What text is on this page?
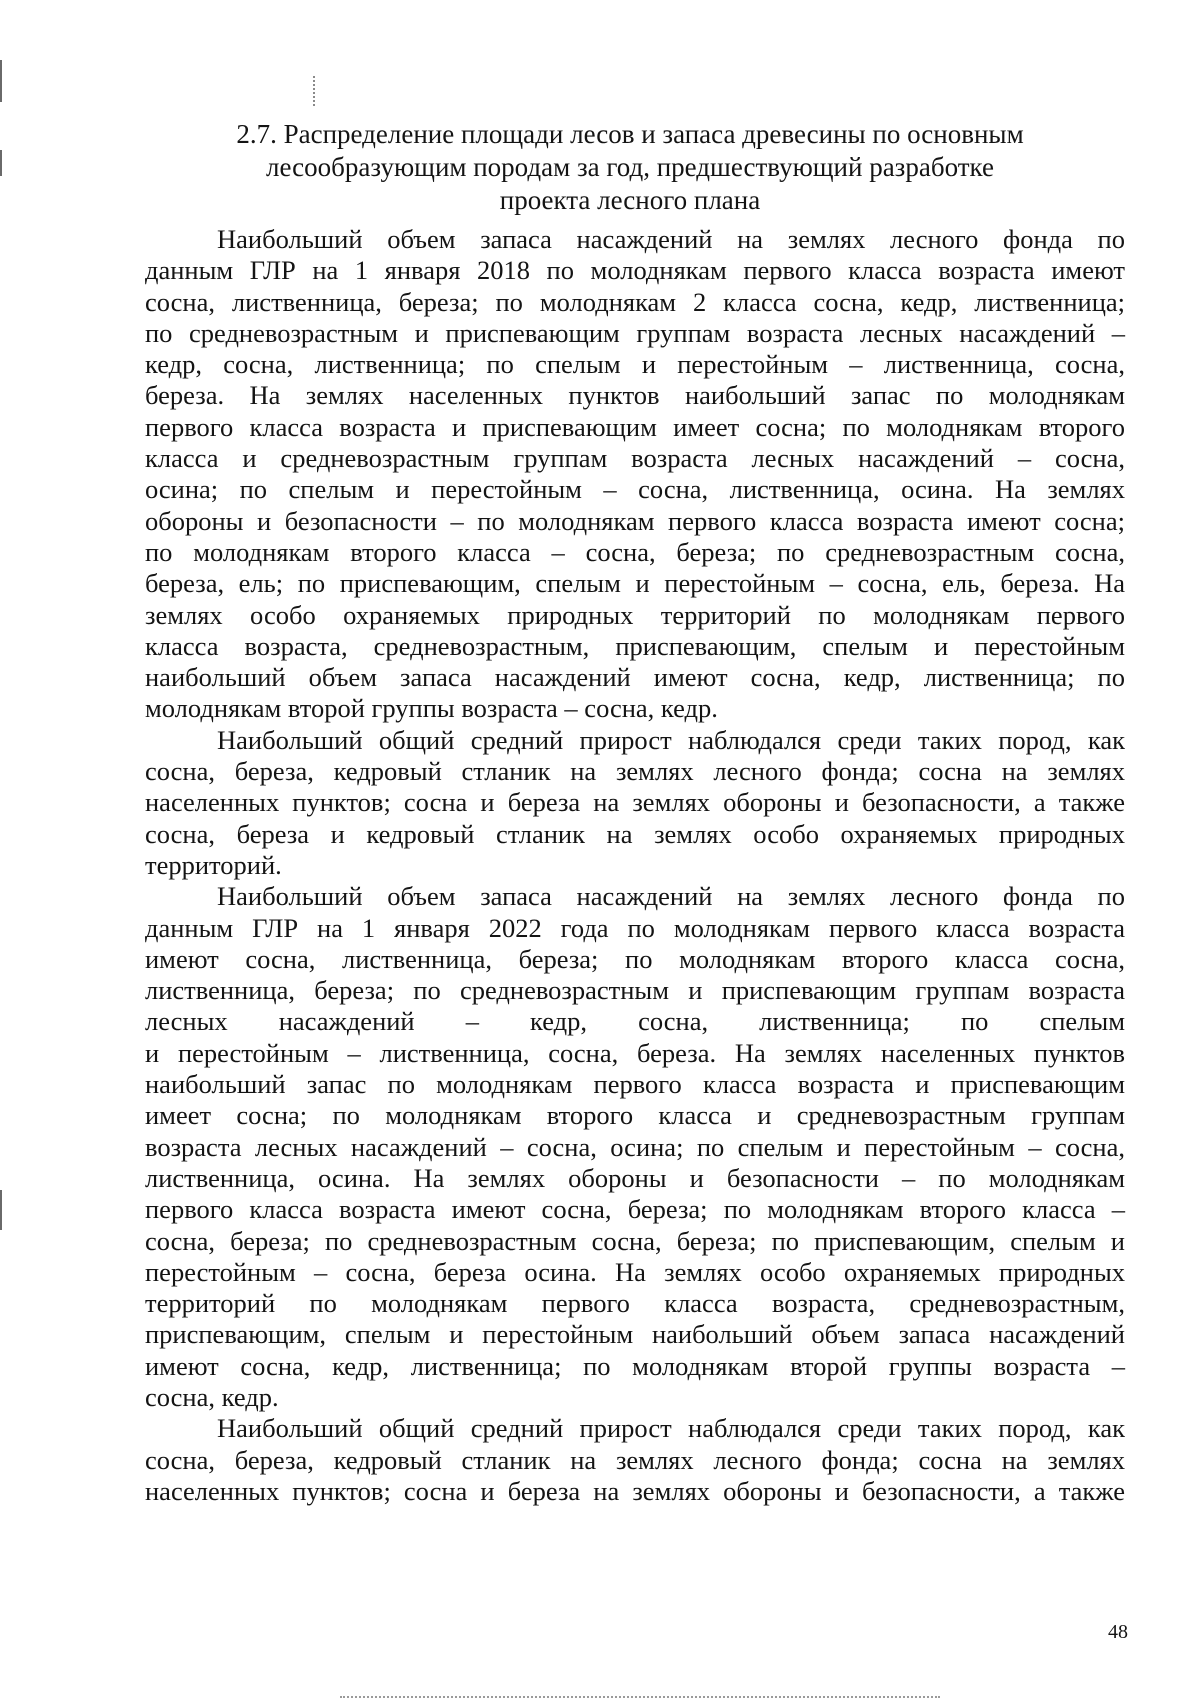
2.7. Распределение площади лесов и запаса древесины по основным
лесообразующим породам за год, предшествующий разработке
проекта лесного плана
Наибольший объем запаса насаждений на землях лесного фонда по
данным ГЛР на 1 января 2018 по молоднякам первого класса возраста имеют
сосна, лиственница, береза; по молоднякам 2 класса сосна, кедр, лиственница;
по средневозрастным и приспевающим группам возраста лесных насаждений –
кедр, сосна, лиственница; по спелым и перестойным – лиственница, сосна,
береза. На землях населенных пунктов наибольший запас по молоднякам
первого класса возраста и приспевающим имеет сосна; по молоднякам второго
класса и средневозрастным группам возраста лесных насаждений – сосна,
осина; по спелым и перестойным – сосна, лиственница, осина. На землях
обороны и безопасности – по молоднякам первого класса возраста имеют сосна;
по молоднякам второго класса – сосна, береза; по средневозрастным сосна,
береза, ель; по приспевающим, спелым и перестойным – сосна, ель, береза. На
землях особо охраняемых природных территорий по молоднякам первого
класса возраста, средневозрастным, приспевающим, спелым и перестойным
наибольший объем запаса насаждений имеют сосна, кедр, лиственница; по
молоднякам второй группы возраста – сосна, кедр.
Наибольший общий средний прирост наблюдался среди таких пород, как
сосна, береза, кедровый стланик на землях лесного фонда; сосна на землях
населенных пунктов; сосна и береза на землях обороны и безопасности, а также
сосна, береза и кедровый стланик на землях особо охраняемых природных
территорий.
Наибольший объем запаса насаждений на землях лесного фонда по
данным ГЛР на 1 января 2022 года по молоднякам первого класса возраста
имеют сосна, лиственница, береза; по молоднякам второго класса сосна,
лиственница, береза; по средневозрастным и приспевающим группам возраста
лесных насаждений – кедр, сосна, лиственница; по спелым
и перестойным – лиственница, сосна, береза. На землях населенных пунктов
наибольший запас по молоднякам первого класса возраста и приспевающим
имеет сосна; по молоднякам второго класса и средневозрастным группам
возраста лесных насаждений – сосна, осина; по спелым и перестойным – сосна,
лиственница, осина. На землях обороны и безопасности – по молоднякам
первого класса возраста имеют сосна, береза; по молоднякам второго класса –
сосна, береза; по средневозрастным сосна, береза; по приспевающим, спелым и
перестойным – сосна, береза осина. На землях особо охраняемых природных
территорий по молоднякам первого класса возраста, средневозрастным,
приспевающим, спелым и перестойным наибольший объем запаса насаждений
имеют сосна, кедр, лиственница; по молоднякам второй группы возраста –
сосна, кедр.
Наибольший общий средний прирост наблюдался среди таких пород, как
сосна, береза, кедровый стланик на землях лесного фонда; сосна на землях
населенных пунктов; сосна и береза на землях обороны и безопасности, а также
48
